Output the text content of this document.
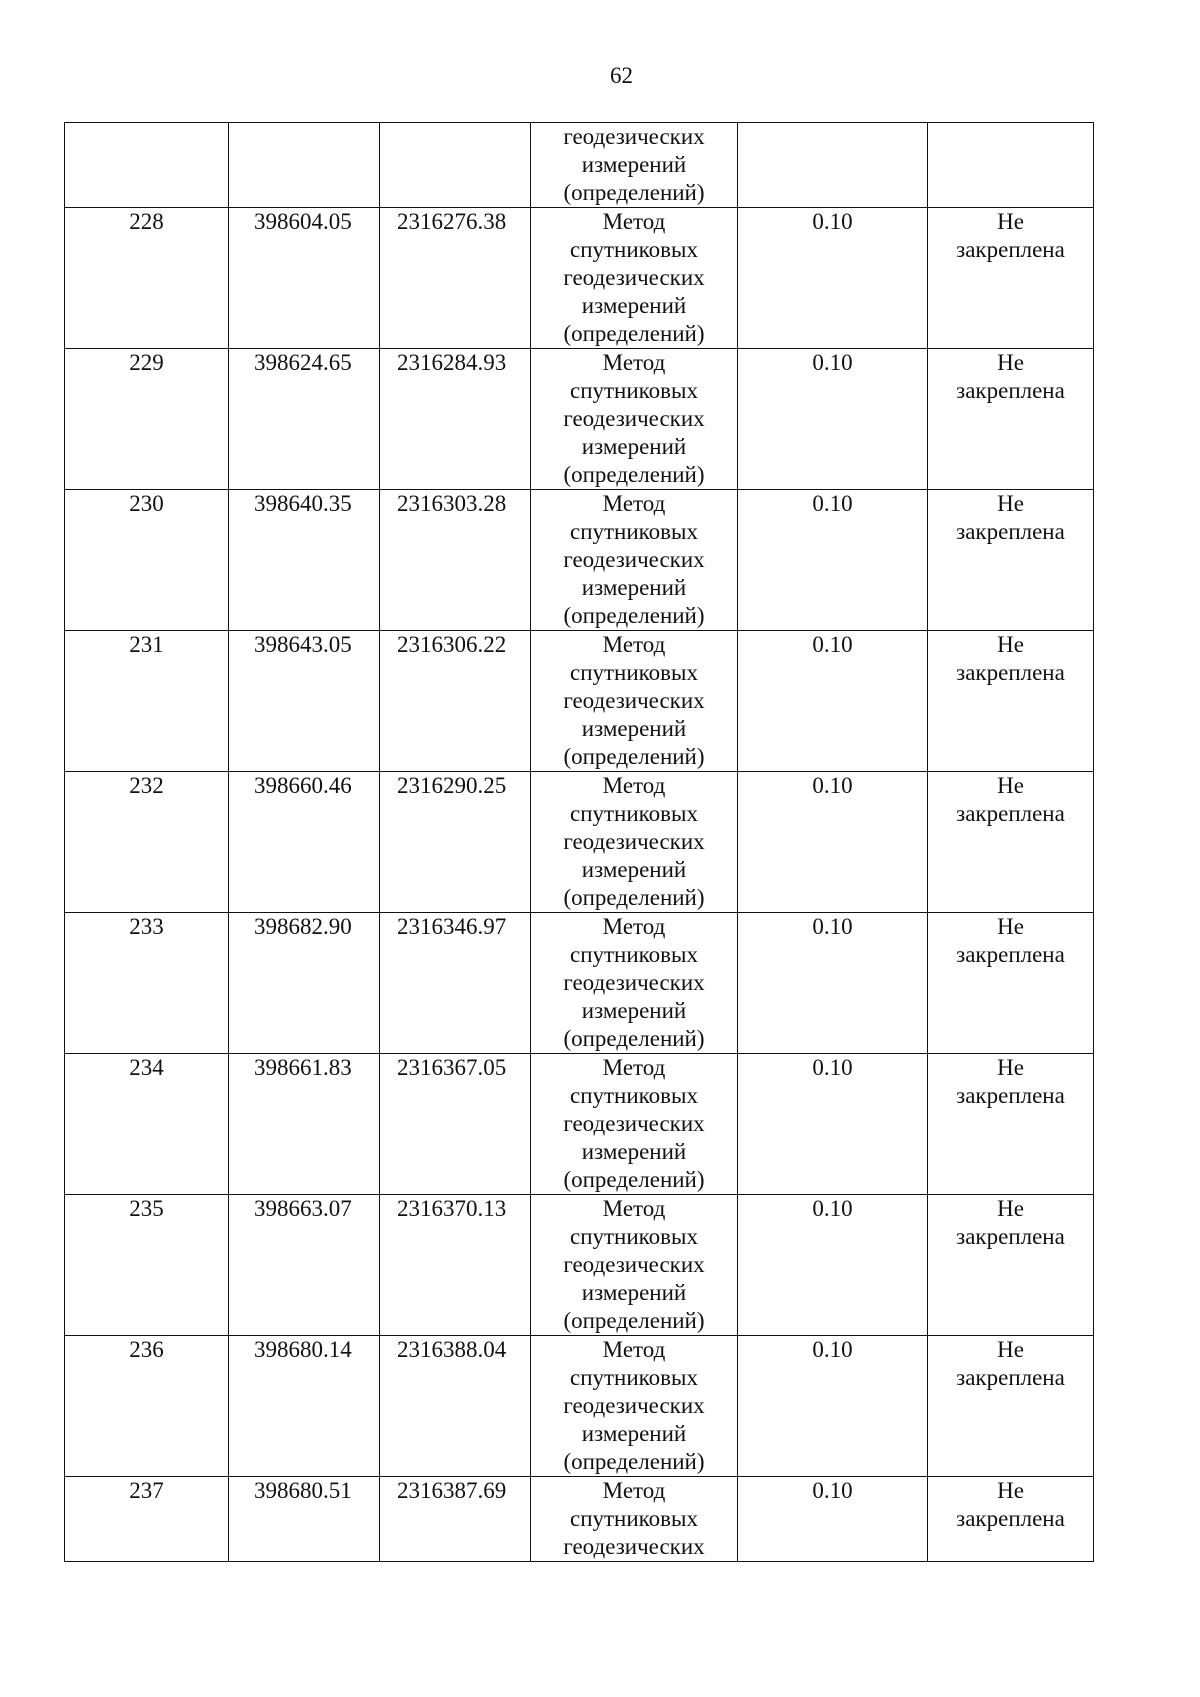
62

			геодезических
измерений
(определений)		

228	398604.05	2316276.38	Метод
спутниковых
геодезических
измерений
(определений)	0.10	Не
закреплена

229	398624.65	2316284.93	Метод
спутниковых
геодезических
измерений
(определений)	0.10	Не
закреплена

230	398640.35	2316303.28	Метод
спутниковых
геодезических
измерений
(определений)	0.10	Не
закреплена

231	398643.05	2316306.22	Метод
спутниковых
геодезических
измерений
(определений)	0.10	Не
закреплена

232	398660.46	2316290.25	Метод
спутниковых
геодезических
измерений
(определений)	0.10	Не
закреплена

233	398682.90	2316346.97	Метод
спутниковых
геодезических
измерений
(определений)	0.10	Не
закреплена

234	398661.83	2316367.05	Метод
спутниковых
геодезических
измерений
(определений)	0.10	Не
закреплена

235	398663.07	2316370.13	Метод
спутниковых
геодезических
измерений
(определений)	0.10	Не
закреплена

236	398680.14	2316388.04	Метод
спутниковых
геодезических
измерений
(определений)	0.10	Не
закреплена

237	398680.51	2316387.69	Метод
спутниковых
геодезических	0.10	Не
закреплена
